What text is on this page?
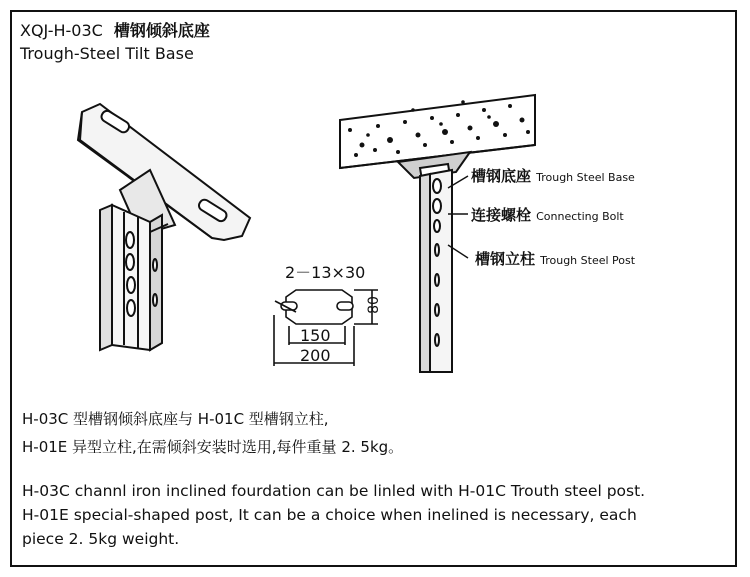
XQJ-H-03C 槽钢倾斜底座
Trough-Steel Tilt Base
2－13×30
80
150
200
槽钢底座 Trough Steel Base
连接螺栓 Connecting Bolt
槽钢立柱 Trough Steel Post
H-03C 型槽钢倾斜底座与 H-01C 型槽钢立柱,
H-01E 异型立柱,在需倾斜安装时选用,每件重量 2. 5kg。
H-03C channl iron inclined fourdation can be linled with H-01C Trouth steel post.
H-01E special-shaped post, It can be a choice when inelined is necessary, each
piece 2. 5kg weight.
